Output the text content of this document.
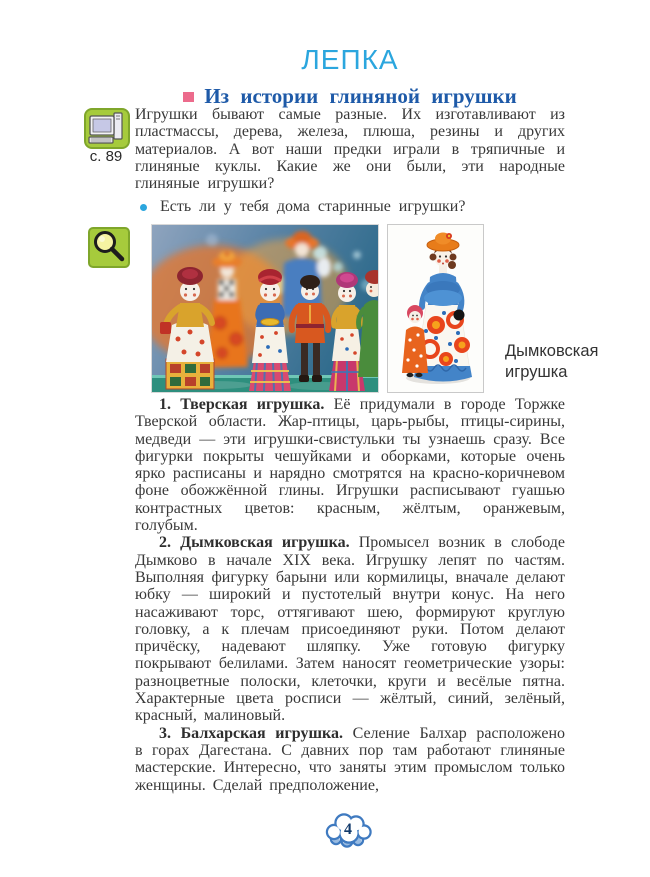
ЛЕПКА
Из истории глиняной игрушки
с. 89

Игрушки бывают самые разные. Их изготавливают из пластмассы, дерева, железа, плюша, резины и других материалов. А вот наши предки играли в тряпичные и глиняные куклы. Какие же они были, эти народные глиняные игрушки?

Есть ли у тебя дома старинные игрушки?
Дымковская игрушка

1. Тверская игрушка. Её придумали в городе Торжке Тверской области. Жар-птицы, царь-рыбы, птицы-сирины, медведи — эти игрушки-свистульки ты узнаешь сразу. Все фигурки покрыты чешуйками и оборками, которые очень ярко расписаны и нарядно смотрятся на красно-коричневом фоне обожжённой глины. Игрушки расписывают гуашью контрастных цветов: красным, жёлтым, оранжевым, голубым.

2. Дымковская игрушка. Промысел возник в слободе Дымково в начале XIX века. Игрушку лепят по частям. Выполняя фигурку барыни или кормилицы, вначале делают юбку — широкий и пустотелый внутри конус. На него насаживают торс, оттягивают шею, формируют круглую головку, а к плечам присоединяют руки. Потом делают причёску, надевают шляпку. Уже готовую фигурку покрывают белилами. Затем наносят геометрические узоры: разноцветные полоски, клеточки, круги и весёлые пятна. Характерные цвета росписи — жёлтый, синий, зелёный, красный, малиновый.

3. Балхарская игрушка. Селение Балхар расположено в горах Дагестана. С давних пор там работают глиняные мастерские. Интересно, что заняты этим промыслом только женщины. Сделай предположение,

4
